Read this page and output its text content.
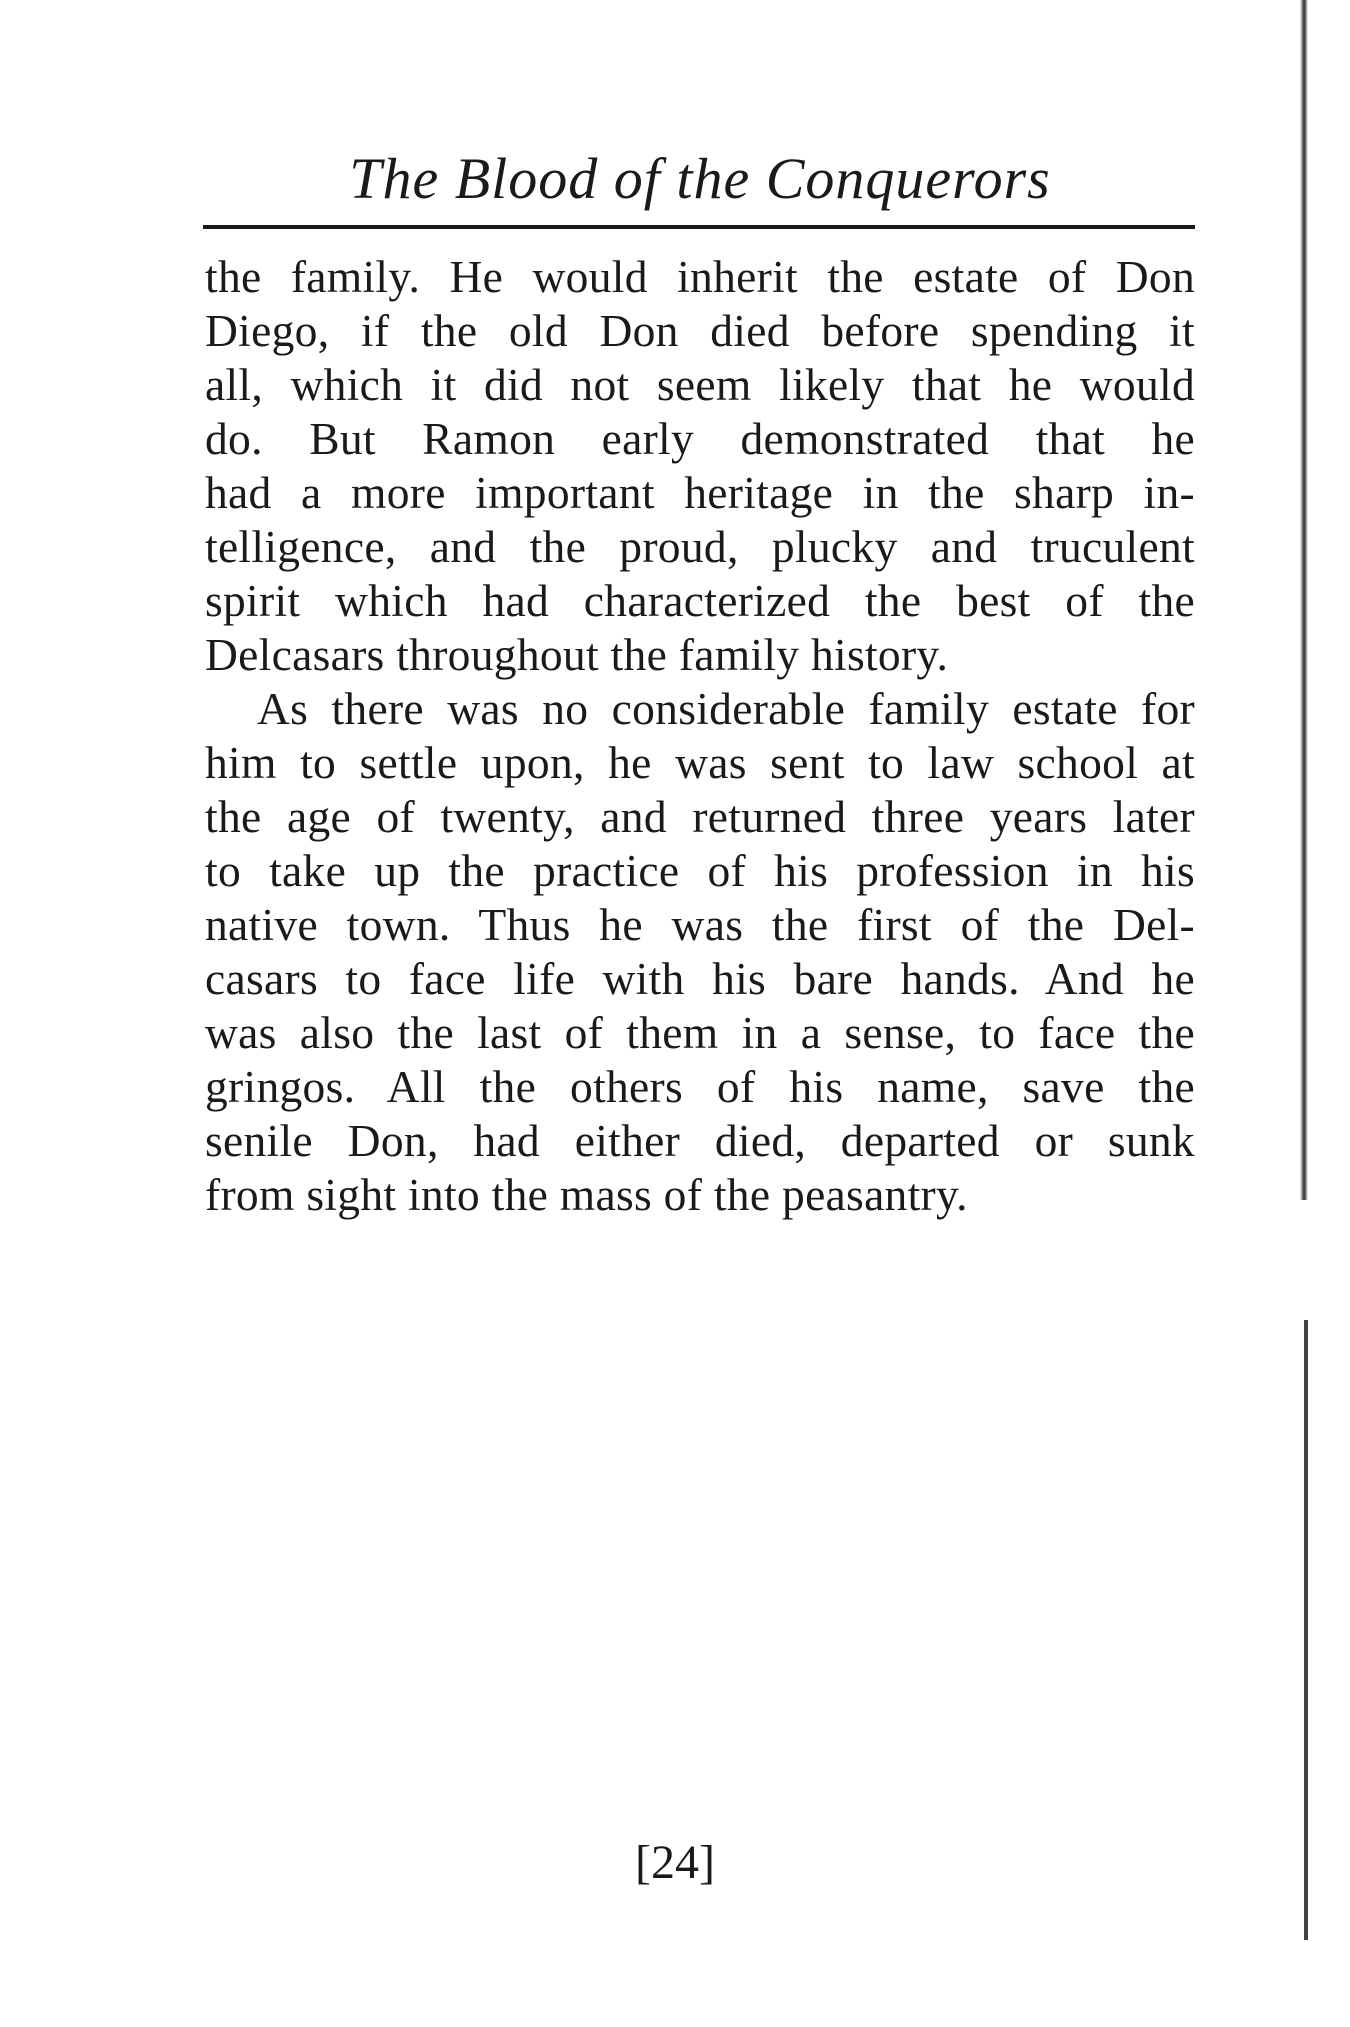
The Blood of the Conquerors
the family. He would inherit the estate of Don
Diego, if the old Don died before spending it
all, which it did not seem likely that he would
do. But Ramon early demonstrated that he
had a more important heritage in the sharp in-
telligence, and the proud, plucky and truculent
spirit which had characterized the best of the
Delcasars throughout the family history.
As there was no considerable family estate for
him to settle upon, he was sent to law school at
the age of twenty, and returned three years later
to take up the practice of his profession in his
native town. Thus he was the first of the Del-
casars to face life with his bare hands. And he
was also the last of them in a sense, to face the
gringos. All the others of his name, save the
senile Don, had either died, departed or sunk
from sight into the mass of the peasantry.
[24]
